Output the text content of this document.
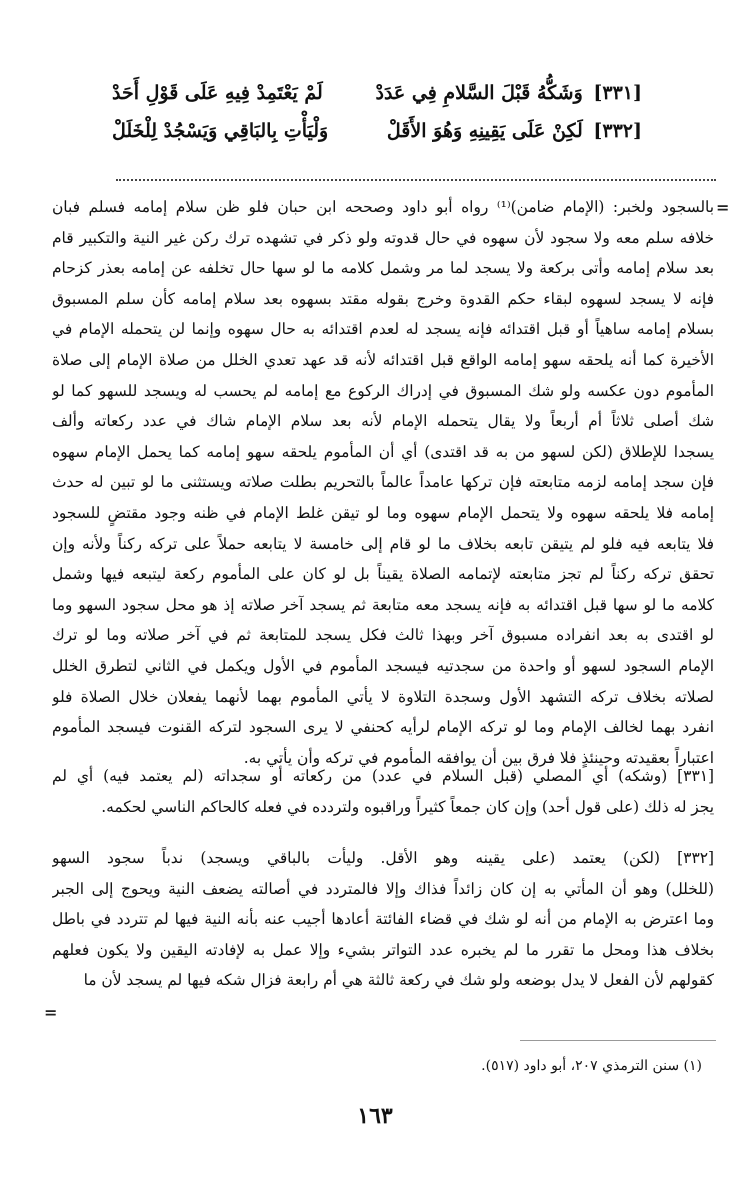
[٣٣١] وَشَكُّهُ قَبْلَ السَّلامِ فِي عَدَدْ
لَمْ يَعْتَمِدْ فِيهِ عَلَى قَوْلِ أَحَدْ
[٣٣٢] لَكِنْ عَلَى يَقِينِهِ وَهُوَ الأَقَلْ
وَلْيَأْتِ بِالبَاقِي وَيَسْجُدْ لِلْخَلَلْ
=
بالسجود ولخبر: (الإمام ضامن)⁽¹⁾ رواه أبو داود وصححه ابن حبان فلو ظن سلام إمامه فسلم فبان
خلافه سلم معه ولا سجود لأن سهوه في حال قدوته ولو ذكر في تشهده ترك ركن غير النية والتكبير قام
بعد سلام إمامه وأتى بركعة ولا يسجد لما مر وشمل كلامه ما لو سها حال تخلفه عن إمامه بعذر كزحام
فإنه لا يسجد لسهوه لبقاء حكم القدوة وخرج بقوله مقتد بسهوه بعد سلام إمامه كأن سلم المسبوق
بسلام إمامه ساهياً أو قبل اقتدائه فإنه يسجد له لعدم اقتدائه به حال سهوه وإنما لن يتحمله الإمام في
الأخيرة كما أنه يلحقه سهو إمامه الواقع قبل اقتدائه لأنه قد عهد تعدي الخلل من صلاة الإمام إلى صلاة
المأموم دون عكسه ولو شك المسبوق في إدراك الركوع مع إمامه لم يحسب له ويسجد للسهو كما لو
شك أصلى ثلاثاً أم أربعاً ولا يقال يتحمله الإمام لأنه بعد سلام الإمام شاك في عدد ركعاته وألف
يسجدا للإطلاق (لكن لسهو من به قد اقتدى) أي أن المأموم يلحقه سهو إمامه كما يحمل الإمام سهوه
فإن سجد إمامه لزمه متابعته فإن تركها عامداً عالماً بالتحريم بطلت صلاته ويستثنى ما لو تبين له حدث
إمامه فلا يلحقه سهوه ولا يتحمل الإمام سهوه وما لو تيقن غلط الإمام في ظنه وجود مقتضٍ للسجود
فلا يتابعه فيه فلو لم يتيقن تابعه بخلاف ما لو قام إلى خامسة لا يتابعه حملاً على تركه ركناً ولأنه وإن
تحقق تركه ركناً لم تجز متابعته لإتمامه الصلاة يقيناً بل لو كان على المأموم ركعة ليتبعه فيها وشمل
كلامه ما لو سها قبل اقتدائه به فإنه يسجد معه متابعة ثم يسجد آخر صلاته إذ هو محل سجود السهو وما
لو اقتدى به بعد انفراده مسبوق آخر وبهذا ثالث فكل يسجد للمتابعة ثم في آخر صلاته وما لو ترك
الإمام السجود لسهو أو واحدة من سجدتيه فيسجد المأموم في الأول ويكمل في الثاني لتطرق الخلل
لصلاته بخلاف تركه التشهد الأول وسجدة التلاوة لا يأتي المأموم بهما لأنهما يفعلان خلال الصلاة فلو
انفرد بهما لخالف الإمام وما لو تركه الإمام لرأيه كحنفي لا يرى السجود لتركه القنوت فيسجد المأموم
اعتباراً بعقيدته وحينئذٍ فلا فرق بين أن يوافقه المأموم في تركه وأن يأتي به.
[٣٣١] (وشكه) أي المصلي (قبل السلام في عدد) من ركعاته أو سجداته (لم يعتمد فيه) أي لم
يجز له ذلك (على قول أحد) وإن كان جمعاً كثيراً وراقبوه ولتردده في فعله كالحاكم الناسي لحكمه.
[٣٣٢] (لكن) يعتمد (على يقينه وهو الأقل. وليأت بالباقي ويسجد) ندباً سجود السهو
(للخلل) وهو أن المأتي به إن كان زائداً فذاك وإلا فالمتردد في أصالته يضعف النية ويحوج إلى الجبر
وما اعترض به الإمام من أنه لو شك في قضاء الفائتة أعادها أجيب عنه بأنه النية فيها لم تتردد في باطل
بخلاف هذا ومحل ما تقرر ما لم يخبره عدد التواتر بشيء وإلا عمل به لإفادته اليقين ولا يكون فعلهم
كقولهم لأن الفعل لا يدل بوضعه ولو شك في ركعة ثالثة هي أم رابعة فزال شكه فيها لم يسجد لأن ما
=
(١) سنن الترمذي ٢٠٧، أبو داود (٥١٧).
١٦٣
